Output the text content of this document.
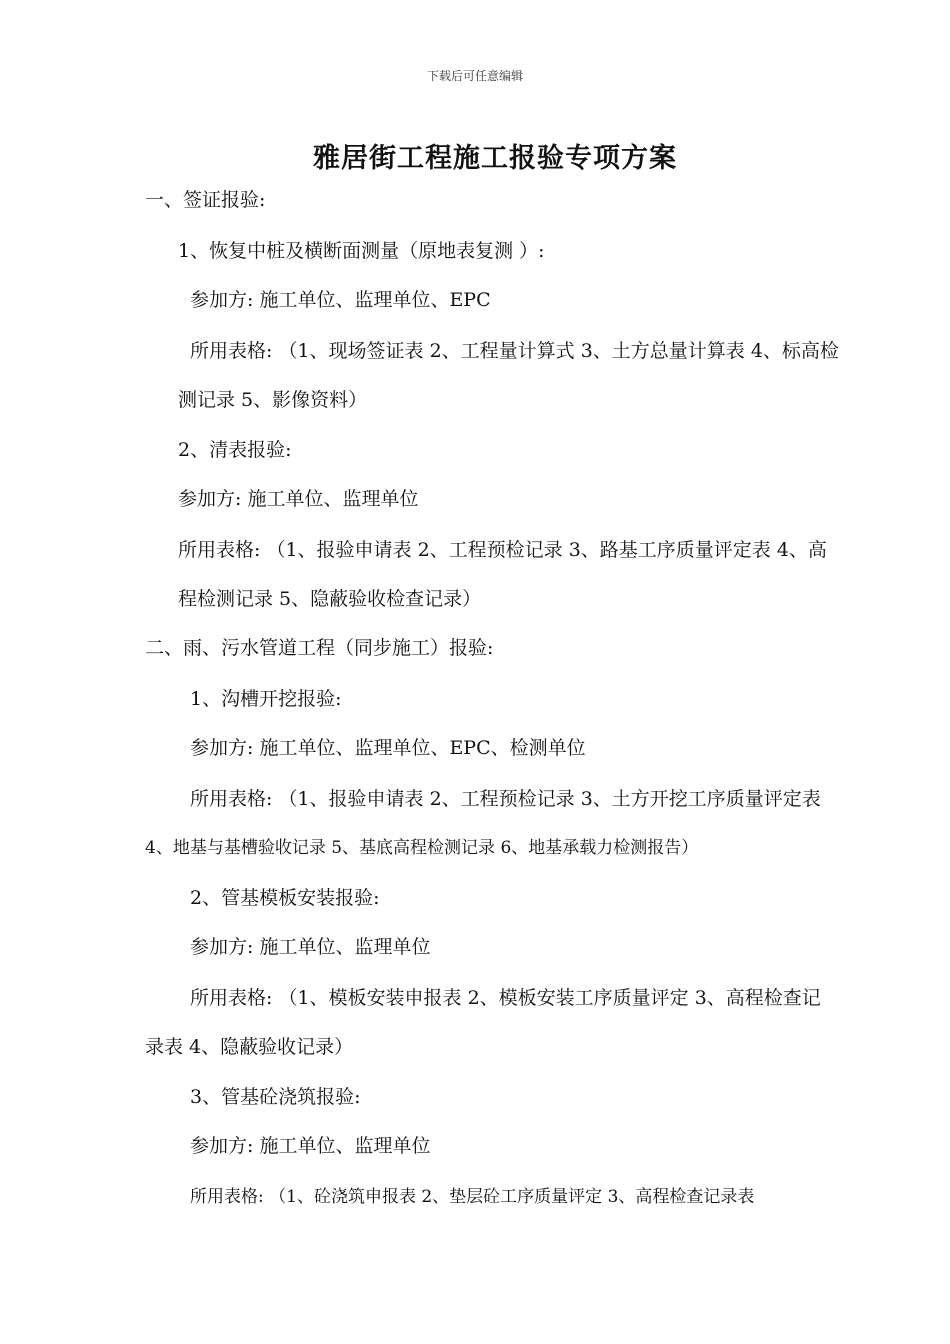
下载后可任意编辑
雅居街工程施工报验专项方案
一、签证报验:
1、恢复中桩及横断面测量（原地表复测 ）:
参加方: 施工单位、监理单位、EPC
所用表格: （1、现场签证表 2、工程量计算式 3、土方总量计算表 4、标高检
测记录 5、影像资料）
2、清表报验:
参加方: 施工单位、监理单位
所用表格: （1、报验申请表 2、工程预检记录 3、路基工序质量评定表 4、高
程检测记录 5、隐蔽验收检查记录）
二、雨、污水管道工程（同步施工）报验:
1、沟槽开挖报验:
参加方: 施工单位、监理单位、EPC、检测单位
所用表格: （1、报验申请表 2、工程预检记录 3、土方开挖工序质量评定表
4、地基与基槽验收记录 5、基底高程检测记录 6、地基承载力检测报告）
2、管基模板安装报验:
参加方: 施工单位、监理单位
所用表格: （1、模板安装申报表 2、模板安装工序质量评定 3、高程检查记
录表 4、隐蔽验收记录）
3、管基砼浇筑报验:
参加方: 施工单位、监理单位
所用表格: （1、砼浇筑申报表 2、垫层砼工序质量评定 3、高程检查记录表
